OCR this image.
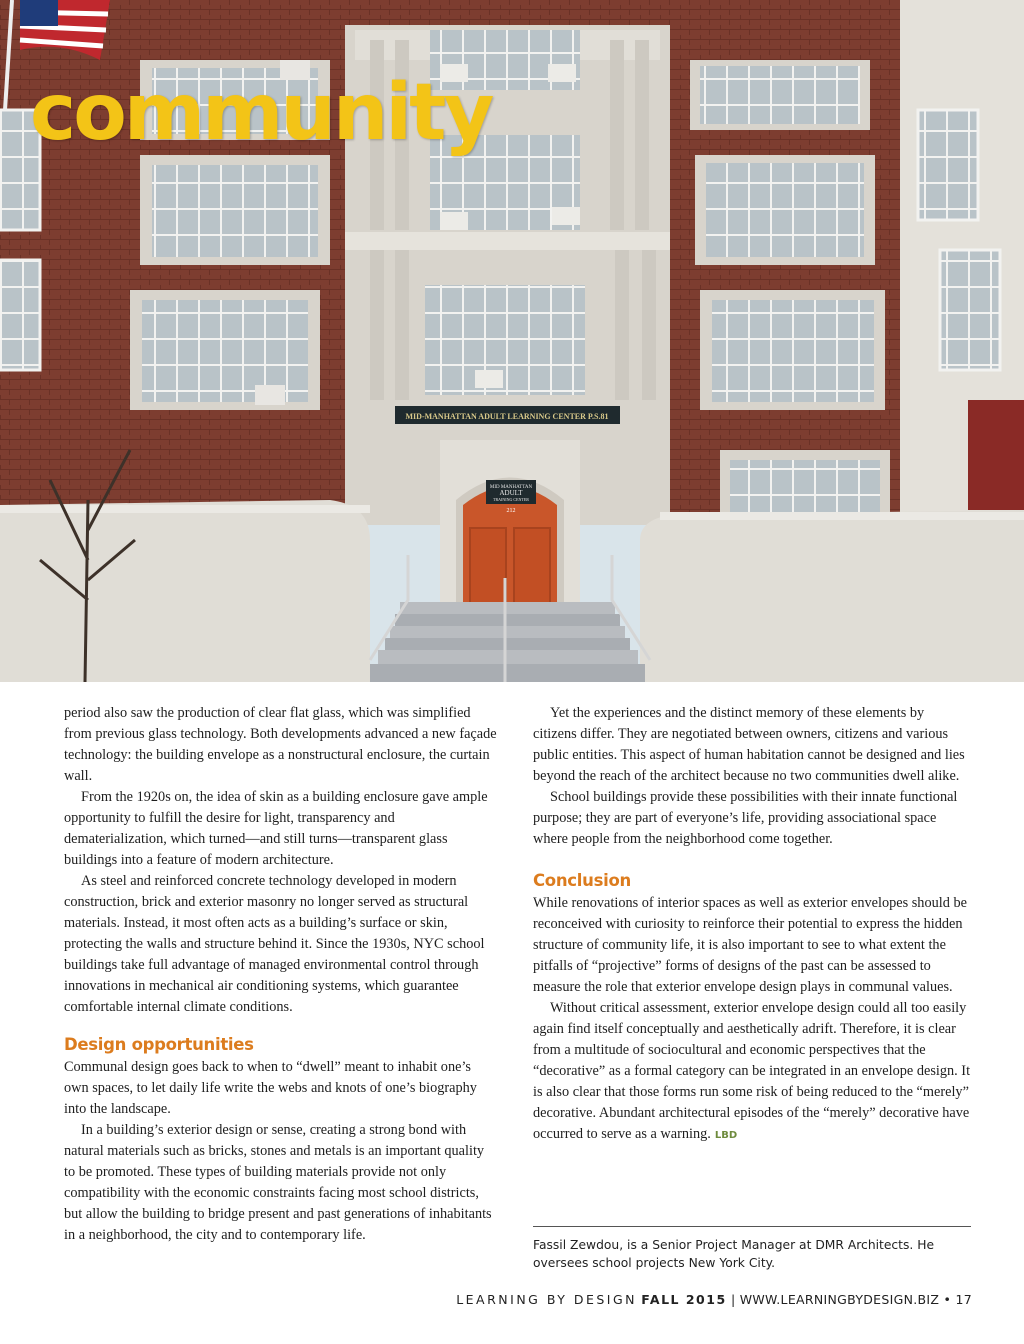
MID-MANHATTAN ADULT LEARNING CENTER P.S.81
MID MANHATTAN
ADULT
TRAINING CENTER
212
community

period also saw the production of clear flat glass, which was simplified from previous glass technology. Both developments advanced a new façade technology: the building envelope as a nonstructural enclosure, the curtain wall.

From the 1920s on, the idea of skin as a building enclosure gave ample opportunity to fulfill the desire for light, transparency and dematerialization, which turned—and still turns—transparent glass buildings into a feature of modern architecture.

As steel and reinforced concrete technology developed in modern construction, brick and exterior masonry no longer served as structural materials. Instead, it most often acts as a building’s surface or skin, protecting the walls and structure behind it. Since the 1930s, NYC school buildings take full advantage of managed environmental control through innovations in mechanical air conditioning systems, which guarantee comfortable internal climate conditions.

Design opportunities

Communal design goes back to when to “dwell” meant to inhabit one’s own spaces, to let daily life write the webs and knots of one’s biography into the landscape.

In a building’s exterior design or sense, creating a strong bond with natural materials such as bricks, stones and metals is an important quality to be promoted. These types of building materials provide not only compatibility with the economic constraints facing most school districts, but allow the building to bridge present and past generations of inhabitants in a neighborhood, the city and to contemporary life.

Yet the experiences and the distinct memory of these elements by citizens differ. They are negotiated between owners, citizens and various public entities. This aspect of human habitation cannot be designed and lies beyond the reach of the architect because no two communities dwell alike.

School buildings provide these possibilities with their innate functional purpose; they are part of everyone’s life, providing associational space where people from the neighborhood come together.

Conclusion

While renovations of interior spaces as well as exterior envelopes should be reconceived with curiosity to reinforce their potential to express the hidden structure of community life, it is also important to see to what extent the pitfalls of “projective” forms of designs of the past can be assessed to measure the role that exterior envelope design plays in communal values.

Without critical assessment, exterior envelope design could all too easily again find itself conceptually and aesthetically adrift. Therefore, it is clear from a multitude of sociocultural and economic perspectives that the “decorative” as a formal category can be integrated in an envelope design. It is also clear that those forms run some risk of being reduced to the “merely” decorative. Abundant architectural episodes of the “merely” decorative have occurred to serve as a warning. LBD

Fassil Zewdou, is a Senior Project Manager at DMR Architects. He oversees school projects New York City.
LEARNING BY DESIGN FALL 2015 | WWW.LEARNINGBYDESIGN.BIZ • 17
